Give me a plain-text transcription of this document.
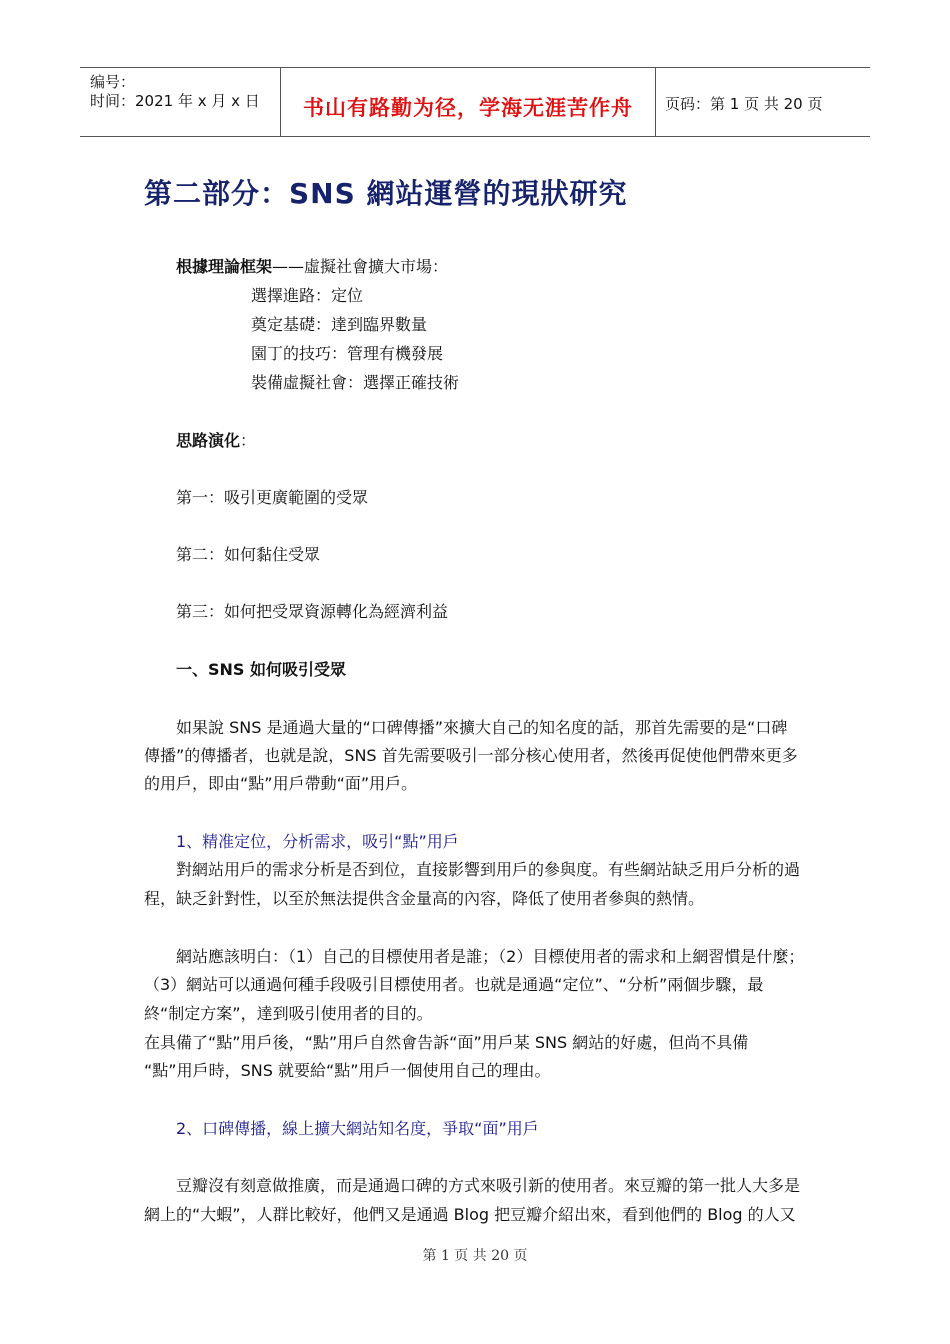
编号：
时间：2021 年 x 月 x 日	书山有路勤为径，学海无涯苦作舟	页码：第 1 页 共 20 页
第二部分：SNS 網站運營的現狀研究
根據理論框架——虛擬社會擴大市場：
選擇進路：定位
奠定基礎：達到臨界數量
園丁的技巧：管理有機發展
裝備虛擬社會：選擇正確技術
思路演化：
第一：吸引更廣範圍的受眾
第二：如何黏住受眾
第三：如何把受眾資源轉化為經濟利益
一、SNS 如何吸引受眾
如果說 SNS 是通過大量的“口碑傳播”來擴大自己的知名度的話，那首先需要的是“口碑
傳播”的傳播者，也就是說，SNS 首先需要吸引一部分核心使用者，然後再促使他們帶來更多
的用戶，即由“點”用戶帶動“面”用戶。
1、精准定位，分析需求，吸引“點”用戶
對網站用戶的需求分析是否到位，直接影響到用戶的參與度。有些網站缺乏用戶分析的過
程，缺乏針對性，以至於無法提供含金量高的內容，降低了使用者參與的熱情。
網站應該明白：（1）自己的目標使用者是誰；（2）目標使用者的需求和上網習慣是什麼；
（3）網站可以通過何種手段吸引目標使用者。也就是通過“定位”、“分析”兩個步驟，最
終“制定方案”，達到吸引使用者的目的。
在具備了“點”用戶後，“點”用戶自然會告訴“面”用戶某 SNS 網站的好處，但尚不具備
“點”用戶時，SNS 就要給“點”用戶一個使用自己的理由。
2、口碑傳播，線上擴大網站知名度，爭取“面”用戶
豆瓣沒有刻意做推廣，而是通過口碑的方式來吸引新的使用者。來豆瓣的第一批人大多是
網上的“大蝦”，人群比較好，他們又是通過 Blog 把豆瓣介紹出來，看到他們的 Blog 的人又
第 1 页 共 20 页
